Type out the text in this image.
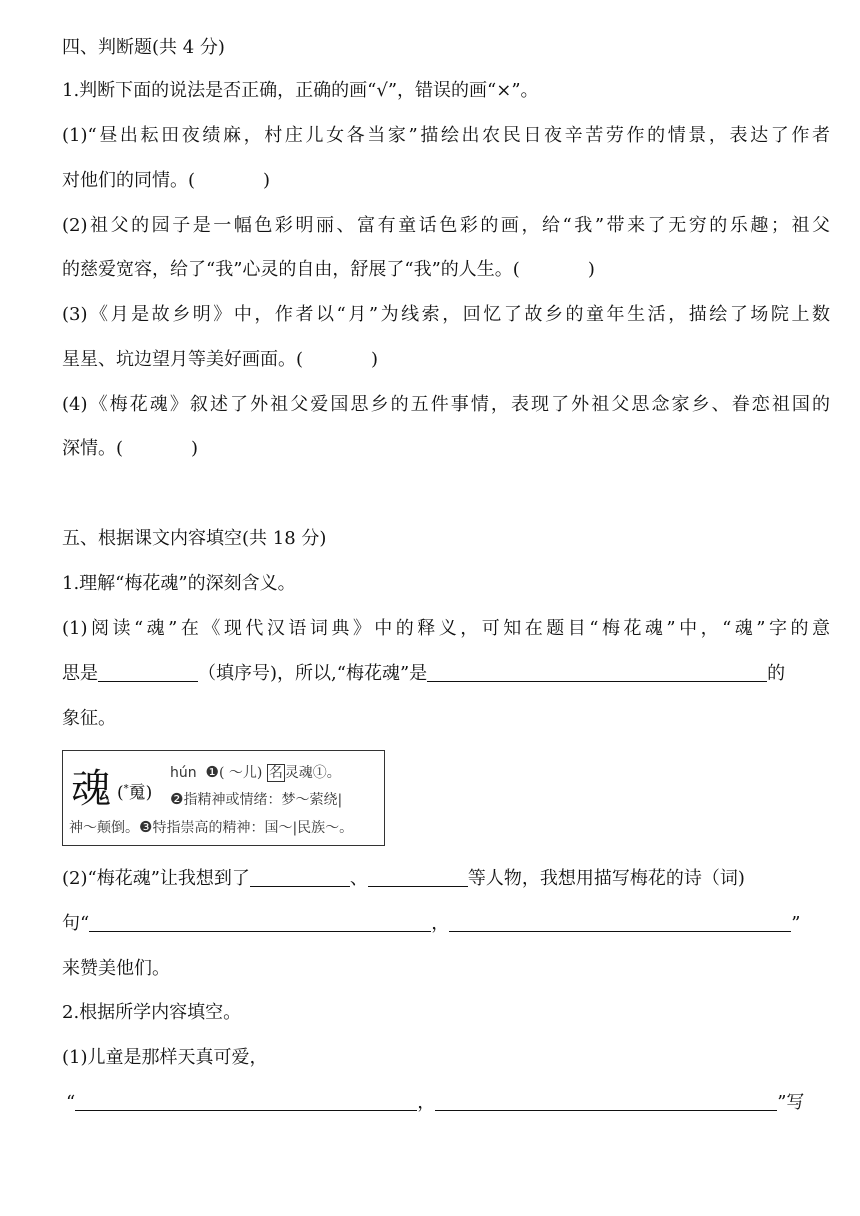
四、判断题(共 4 分)
1.判断下面的说法是否正确，正确的画“√”，错误的画“×”。
(1)“昼出耘田夜绩麻，村庄儿女各当家”描绘出农民日夜辛苦劳作的情景，表达了作者
对他们的同情。(	)
(2)祖父的园子是一幅色彩明丽、富有童话色彩的画，给“我”带来了无穷的乐趣；祖父
的慈爱宽容，给了“我”心灵的自由，舒展了“我”的人生。(	)
(3)《月是故乡明》中，作者以“月”为线索，回忆了故乡的童年生活，描绘了场院上数
星星、坑边望月等美好画面。(	)
(4)《梅花魂》叙述了外祖父爱国思乡的五件事情，表现了外祖父思念家乡、眷恋祖国的
深情。(	)
五、根据课文内容填空(共 18 分)
1.理解“梅花魂”的深刻含义。
(1)阅读“魂”在《现代汉语词典》中的释义，可知在题目“梅花魂”中，“魂”字的意
思是	（填序号)，所以,“梅花魂”是	的
象征。
魂 (*䰟)
hún ❶( ～儿) 名 灵魂①。
❷指精神或情绪：梦～萦绕|
神～颠倒。❸特指崇高的精神：国～|民族～。
(2)“梅花魂”让我想到了	、	等人物，我想用描写梅花的诗（词)
句“	，	”
来赞美他们。
2.根据所学内容填空。
(1)儿童是那样天真可爱，
“	，	”写
